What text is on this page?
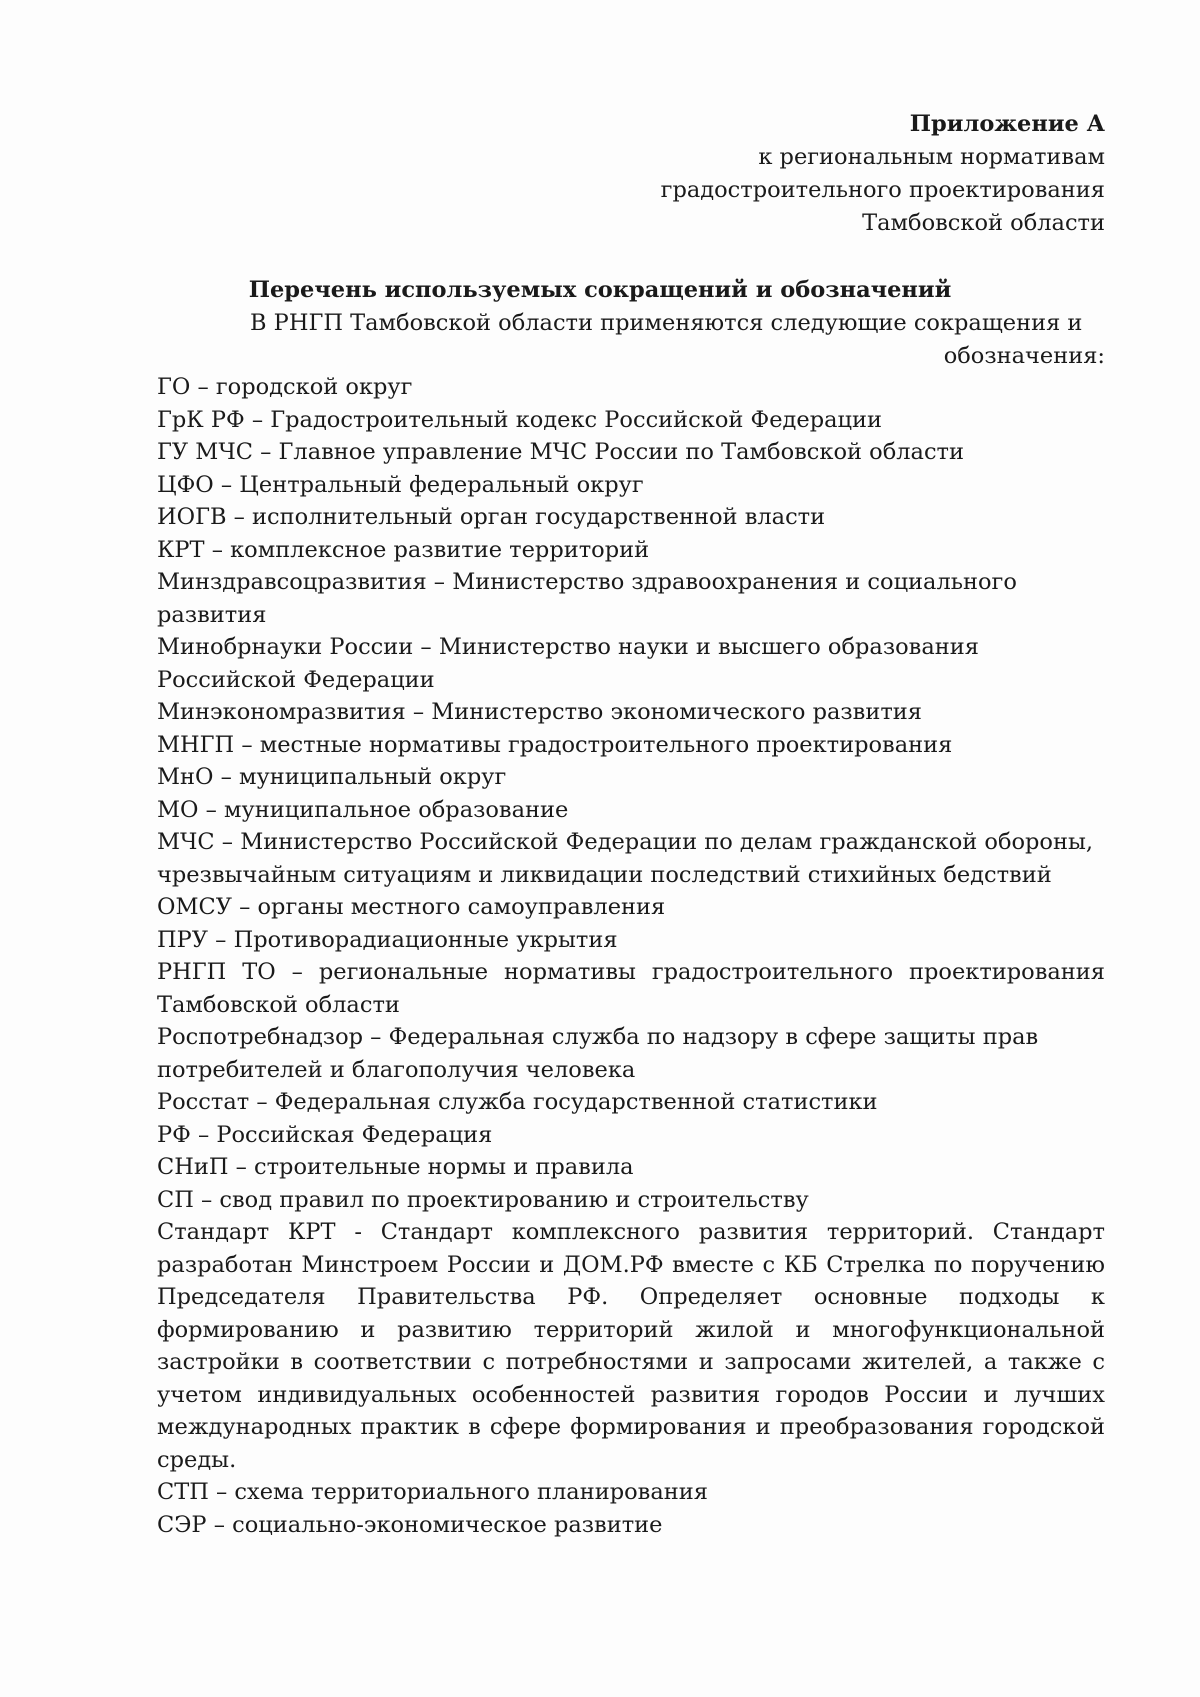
Приложение А
к региональным нормативам
градостроительного проектирования
Тамбовской области
Перечень используемых сокращений и обозначений
В РНГП Тамбовской области применяются следующие сокращения и
обозначения:
ГО – городской округ
ГрК РФ – Градостроительный кодекс Российской Федерации
ГУ МЧС – Главное управление МЧС России по Тамбовской области
ЦФО – Центральный федеральный округ
ИОГВ – исполнительный орган государственной власти
КРТ – комплексное развитие территорий
Минздравсоцразвития – Министерство здравоохранения и социального развития
Минобрнауки России – Министерство науки и высшего образования Российской Федерации
Минэкономразвития – Министерство экономического развития
МНГП – местные нормативы градостроительного проектирования
МнО – муниципальный округ
МО – муниципальное образование
МЧС – Министерство Российской Федерации по делам гражданской обороны, чрезвычайным ситуациям и ликвидации последствий стихийных бедствий
ОМСУ – органы местного самоуправления
ПРУ – Противорадиационные укрытия
РНГП ТО – региональные нормативы градостроительного проектирования Тамбовской области
Роспотребнадзор – Федеральная служба по надзору в сфере защиты прав потребителей и благополучия человека
Росстат – Федеральная служба государственной статистики
РФ – Российская Федерация
СНиП – строительные нормы и правила
СП – свод правил по проектированию и строительству
Стандарт КРТ - Стандарт комплексного развития территорий. Стандарт разработан Минстроем России и ДОМ.РФ вместе с КБ Стрелка по поручению Председателя Правительства РФ. Определяет основные подходы к формированию и развитию территорий жилой и многофункциональной застройки в соответствии с потребностями и запросами жителей, а также с учетом индивидуальных особенностей развития городов России и лучших международных практик в сфере формирования и преобразования городской среды.
СТП – схема территориального планирования
СЭР – социально-экономическое развитие
